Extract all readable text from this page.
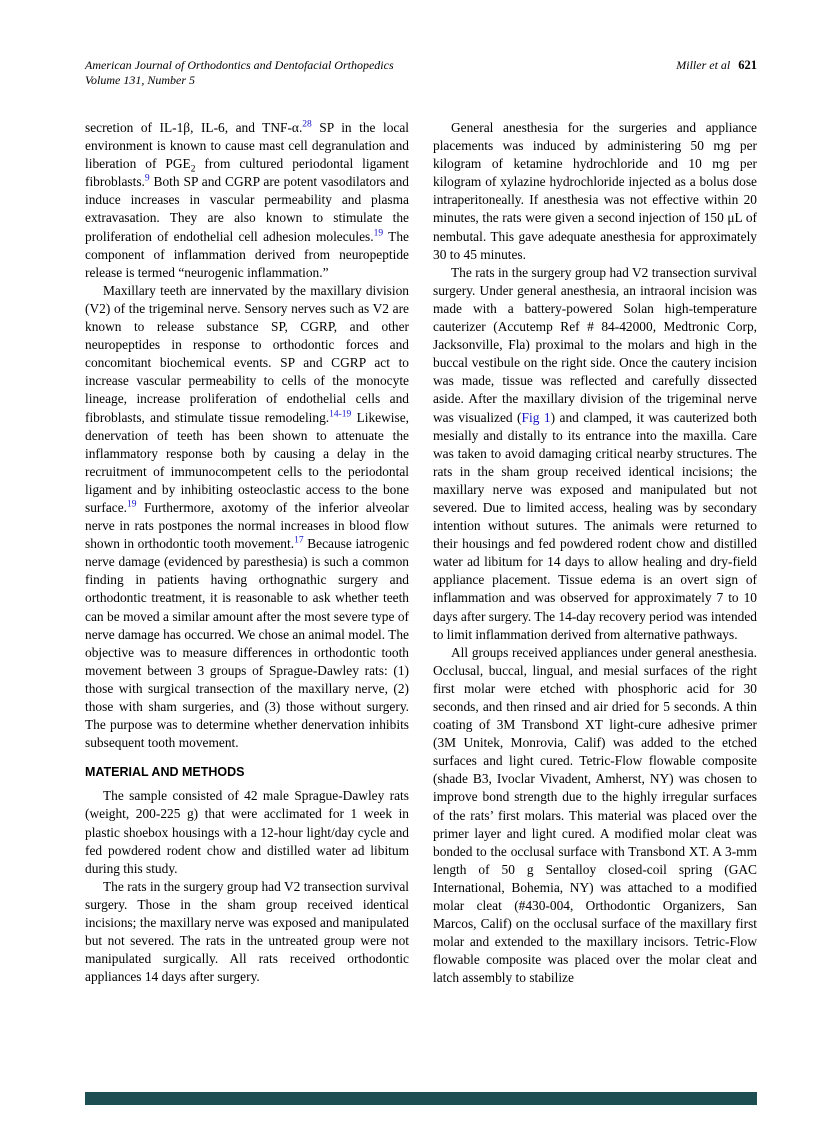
American Journal of Orthodontics and Dentofacial Orthopedics
Volume 131, Number 5
Miller et al 621

secretion of IL-1β, IL-6, and TNF-α.$^{28}$ SP in the local environment is known to cause mast cell degranulation and liberation of $PGE_2$ from cultured periodontal ligament fibroblasts.$^9$ Both SP and CGRP are potent vasodilators and induce increases in vascular permeability and plasma extravasation. They are also known to stimulate the proliferation of endothelial cell adhesion molecules.$^{19}$ The component of inflammation derived from neuropeptide release is termed “neurogenic inflammation.”

Maxillary teeth are innervated by the maxillary division (V2) of the trigeminal nerve. Sensory nerves such as V2 are known to release substance SP, CGRP, and other neuropeptides in response to orthodontic forces and concomitant biochemical events. SP and CGRP act to increase vascular permeability to cells of the monocyte lineage, increase proliferation of endothelial cells and fibroblasts, and stimulate tissue remodeling.$^{14-19}$ Likewise, denervation of teeth has been shown to attenuate the inflammatory response both by causing a delay in the recruitment of immunocompetent cells to the periodontal ligament and by inhibiting osteoclastic access to the bone surface.$^{19}$ Furthermore, axotomy of the inferior alveolar nerve in rats postpones the normal increases in blood flow shown in orthodontic tooth movement.$^{17}$ Because iatrogenic nerve damage (evidenced by paresthesia) is such a common finding in patients having orthognathic surgery and orthodontic treatment, it is reasonable to ask whether teeth can be moved a similar amount after the most severe type of nerve damage has occurred. We chose an animal model. The objective was to measure differences in orthodontic tooth movement between 3 groups of Sprague-Dawley rats: (1) those with surgical transection of the maxillary nerve, (2) those with sham surgeries, and (3) those without surgery. The purpose was to determine whether denervation inhibits subsequent tooth movement.

MATERIAL AND METHODS

The sample consisted of 42 male Sprague-Dawley rats (weight, 200-225 g) that were acclimated for 1 week in plastic shoebox housings with a 12-hour light/day cycle and fed powdered rodent chow and distilled water ad libitum during this study.

The rats in the surgery group had V2 transection survival surgery. Those in the sham group received identical incisions; the maxillary nerve was exposed and manipulated but not severed. The rats in the untreated group were not manipulated surgically. All rats received orthodontic appliances 14 days after surgery.

General anesthesia for the surgeries and appliance placements was induced by administering 50 mg per kilogram of ketamine hydrochloride and 10 mg per kilogram of xylazine hydrochloride injected as a bolus dose intraperitoneally. If anesthesia was not effective within 20 minutes, the rats were given a second injection of 150 μL of nembutal. This gave adequate anesthesia for approximately 30 to 45 minutes.

The rats in the surgery group had V2 transection survival surgery. Under general anesthesia, an intraoral incision was made with a battery-powered Solan high-temperature cauterizer (Accutemp Ref # 84-42000, Medtronic Corp, Jacksonville, Fla) proximal to the molars and high in the buccal vestibule on the right side. Once the cautery incision was made, tissue was reflected and carefully dissected aside. After the maxillary division of the trigeminal nerve was visualized (Fig 1) and clamped, it was cauterized both mesially and distally to its entrance into the maxilla. Care was taken to avoid damaging critical nearby structures. The rats in the sham group received identical incisions; the maxillary nerve was exposed and manipulated but not severed. Due to limited access, healing was by secondary intention without sutures. The animals were returned to their housings and fed powdered rodent chow and distilled water ad libitum for 14 days to allow healing and dry-field appliance placement. Tissue edema is an overt sign of inflammation and was observed for approximately 7 to 10 days after surgery. The 14-day recovery period was intended to limit inflammation derived from alternative pathways.

All groups received appliances under general anesthesia. Occlusal, buccal, lingual, and mesial surfaces of the right first molar were etched with phosphoric acid for 30 seconds, and then rinsed and air dried for 5 seconds. A thin coating of 3M Transbond XT light-cure adhesive primer (3M Unitek, Monrovia, Calif) was added to the etched surfaces and light cured. Tetric-Flow flowable composite (shade B3, Ivoclar Vivadent, Amherst, NY) was chosen to improve bond strength due to the highly irregular surfaces of the rats’ first molars. This material was placed over the primer layer and light cured. A modified molar cleat was bonded to the occlusal surface with Transbond XT. A 3-mm length of 50 g Sentalloy closed-coil spring (GAC International, Bohemia, NY) was attached to a modified molar cleat (#430-004, Orthodontic Organizers, San Marcos, Calif) on the occlusal surface of the maxillary first molar and extended to the maxillary incisors. Tetric-Flow flowable composite was placed over the molar cleat and latch assembly to stabilize
